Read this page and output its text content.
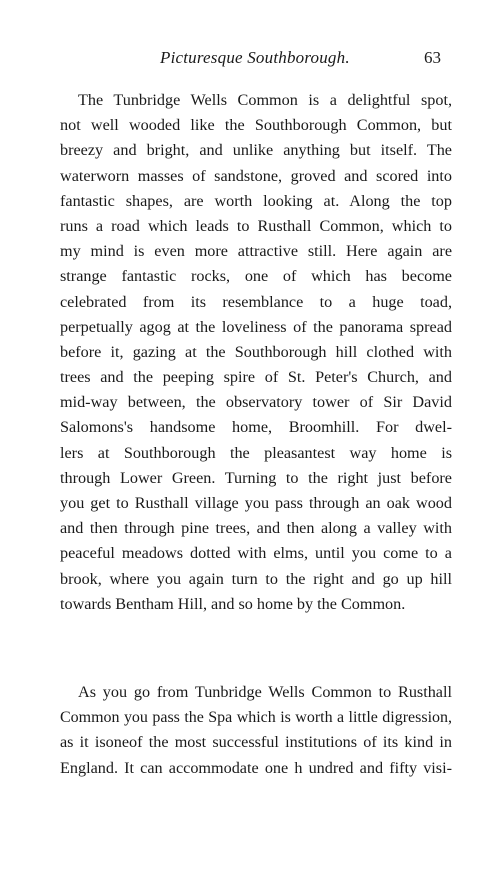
Picturesque Southborough.	63
The Tunbridge Wells Common is a delightful spot,
not well wooded like the Southborough Common, but
breezy and bright, and unlike anything but itself. The
waterworn masses of sandstone, groved and scored into
fantastic shapes, are worth looking at. Along the top
runs a road which leads to Rusthall Common, which to
my mind is even more attractive still. Here again are
strange fantastic rocks, one of which has become
celebrated from its resemblance to a huge toad,
perpetually agog at the loveliness of the panorama spread
before it, gazing at the Southborough hill clothed with
trees and the peeping spire of St. Peter's Church, and
mid-way between, the observatory tower of Sir David
Salomons's handsome home, Broomhill. For dwel-
lers at Southborough the pleasantest way home is
through Lower Green. Turning to the right just before
you get to Rusthall village you pass through an oak wood
and then through pine trees, and then along a valley with
peaceful meadows dotted with elms, until you come to a
brook, where you again turn to the right and go up hill
towards Bentham Hill, and so home by the Common.
As you go from Tunbridge Wells Common to Rusthall
Common you pass the Spa which is worth a little digression,
as it isoneof the most successful institutions of its kind in
England. It can accommodate one h undred and fifty visi-
